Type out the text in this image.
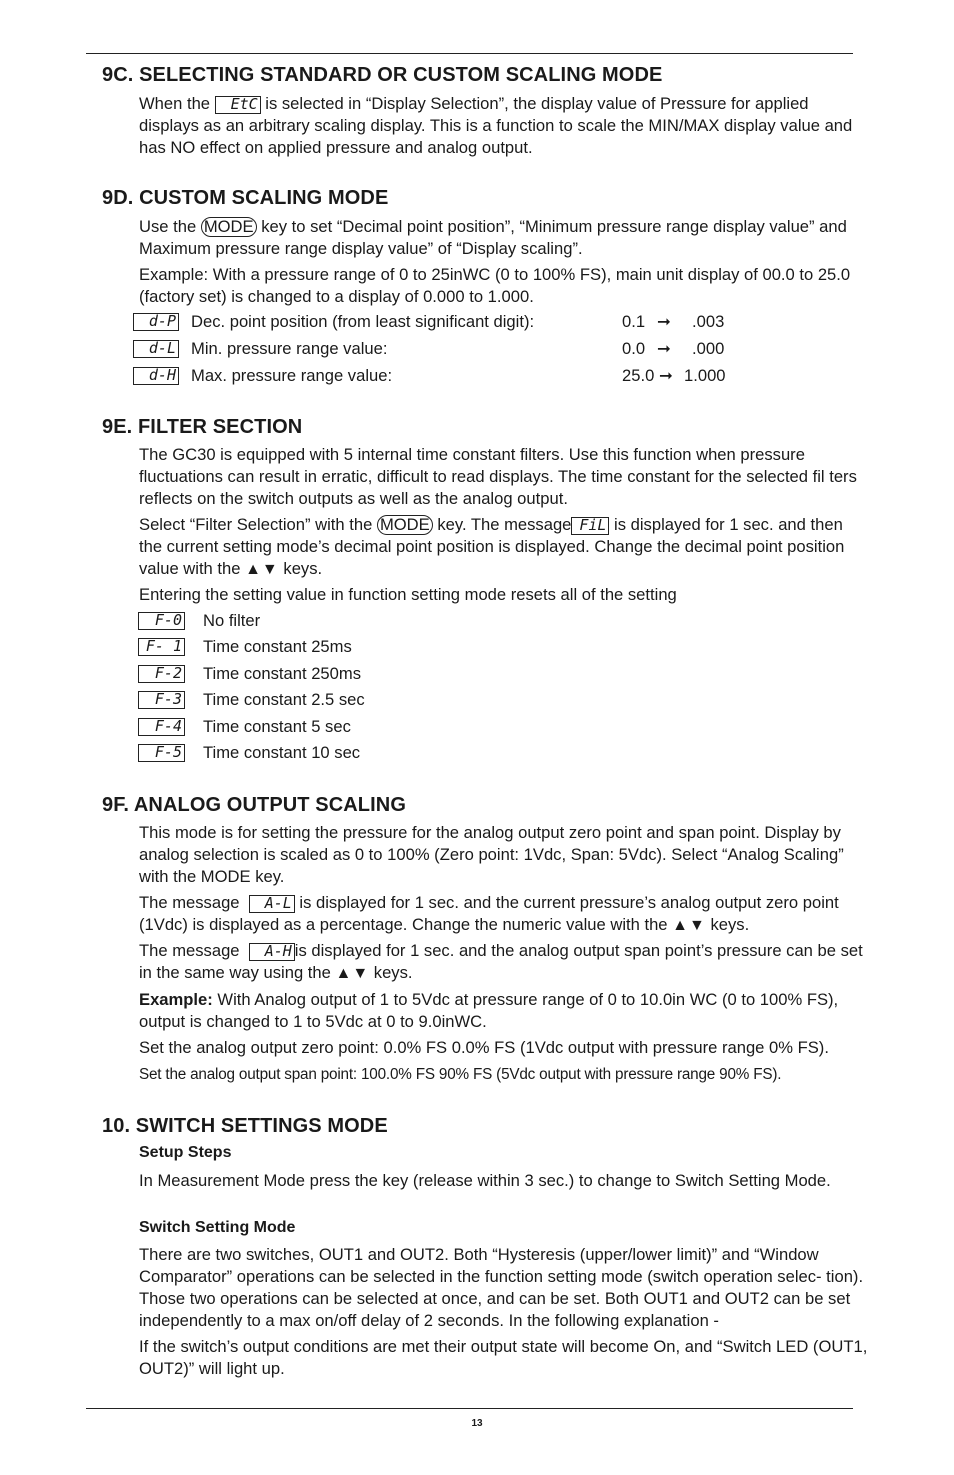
9C. SELECTING STANDARD OR CUSTOM SCALING MODE

When the EtC is selected in “Display Selection”, the display value of Pressure for applied displays as an arbitrary scaling display. This is a function to scale the MIN/MAX display value and has NO effect on applied pressure and analog output.

9D. CUSTOM SCALING MODE

Use the MODE key to set “Decimal point position”, “Minimum pressure range display value” and Maximum pressure range display value” of “Display scaling”.

Example: With a pressure range of 0 to 25inWC (0 to 100% FS), main unit display of 00.0 to 25.0 (factory set) is changed to a display of 0.000 to 1.000.

d-P Dec. point position (from least significant digit):	0.1 ➞ .003
d-L Min. pressure range value:	0.0 ➞ .000
d-H Max. pressure range value:	25.0 ➞ 1.000
9E. FILTER SECTION

The GC30 is equipped with 5 internal time constant filters. Use this function when pressure fluctuations can result in erratic, difficult to read displays. The time constant for the selected fil ters reflects on the switch outputs as well as the analog output.

Select “Filter Selection” with the MODE key. The message FiL is displayed for 1 sec. and then the current setting mode’s decimal point position is displayed. Change the decimal point position value with the ▲▼ keys.

Entering the setting value in function setting mode resets all of the setting

F-0 No filter
F- 1 Time constant 25ms
F-2 Time constant 250ms
F-3 Time constant 2.5 sec
F-4 Time constant 5 sec
F-5 Time constant 10 sec
9F. ANALOG OUTPUT SCALING

This mode is for setting the pressure for the analog output zero point and span point. Display by analog selection is scaled as 0 to 100% (Zero point: 1Vdc, Span: 5Vdc). Select “Analog Scaling” with the MODE key.

The message A-L is displayed for 1 sec. and the current pressure’s analog output zero point (1Vdc) is displayed as a percentage. Change the numeric value with the ▲▼ keys.

The message A-H is displayed for 1 sec. and the analog output span point’s pressure can be set in the same way using the ▲▼ keys.

Example: With Analog output of 1 to 5Vdc at pressure range of 0 to 10.0in WC (0 to 100% FS), output is changed to 1 to 5Vdc at 0 to 9.0inWC.

Set the analog output zero point: 0.0% FS 0.0% FS (1Vdc output with pressure range 0% FS).

Set the analog output span point: 100.0% FS 90% FS (5Vdc output with pressure range 90% FS).

10. SWITCH SETTINGS MODE
Setup Steps

In Measurement Mode press the key (release within 3 sec.) to change to Switch Setting Mode.

Switch Setting Mode

There are two switches, OUT1 and OUT2. Both “Hysteresis (upper/lower limit)” and “Window Comparator” operations can be selected in the function setting mode (switch operation selec- tion). Those two operations can be selected at once, and can be set. Both OUT1 and OUT2 can be set independently to a max on/off delay of 2 seconds. In the following explanation -

If the switch’s output conditions are met their output state will become On, and “Switch LED (OUT1, OUT2)” will light up.

13
